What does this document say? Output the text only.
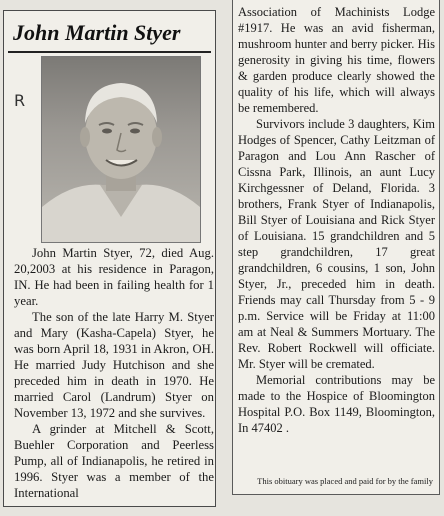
John Martin Styer
R

John Martin Styer, 72, died Aug. 20,2003 at his residence in Paragon, IN. He had been in failing health for 1 year.

The son of the late Harry M. Styer and Mary (Kasha-Capela) Styer, he was born April 18, 1931 in Akron, OH. He married Judy Hutchison and she preceded him in death in 1970. He married Carol (Landrum) Styer on November 13, 1972 and she survives.

A grinder at Mitchell & Scott, Buehler Corporation and Peerless Pump, all of Indianapolis, he retired in 1996. Styer was a member of the International

Association of Machinists Lodge #1917. He was an avid fisherman, mushroom hunter and berry picker. His generosity in giving his time, flowers & garden produce clearly showed the quality of his life, which will always be remembered.

Survivors include 3 daughters, Kim Hodges of Spencer, Cathy Leitzman of Paragon and Lou Ann Rascher of Cissna Park, Illinois, an aunt Lucy Kirchgessner of Deland, Florida. 3 brothers, Frank Styer of Indianapolis, Bill Styer of Louisiana and Rick Styer of Louisiana. 15 grandchildren and 5 step grandchildren, 17 great grandchildren, 6 cousins, 1 son, John Styer, Jr., preceded him in death. Friends may call Thursday from 5 - 9 p.m. Service will be Friday at 11:00 am at Neal & Summers Mortuary. The Rev. Robert Rockwell will officiate. Mr. Styer will be cremated.

Memorial contributions may be made to the Hospice of Bloomington Hospital P.O. Box 1149, Bloomington, In 47402 .

This obituary was placed and paid for by the family
